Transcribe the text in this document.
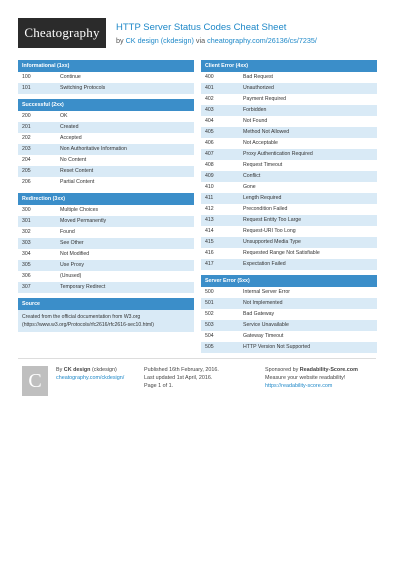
Cheatography	HTTP Server Status Codes Cheat Sheet
by CK design (ckdesign) via cheatography.com/26136/cs/7235/
Informational (1xx)
100	Continue
101	Switching Protocols
Successful (2xx)
200	OK
201	Created
202	Accepted
203	Non Authoritative Information
204	No Content
205	Reset Content
206	Partial Content
Redirection (3xx)
300	Multiple Choices
301	Moved Permanently
302	Found
303	See Other
304	Not Modified
305	Use Proxy
306	(Unused)
307	Temporary Redirect
Source
Created from the official documentation from W3.org
(https://www.w3.org/Protocols/rfc2616/rfc2616-sec10.html)
Client Error (4xx)
400	Bad Request
401	Unauthorized
402	Payment Required
403	Forbidden
404	Not Found
405	Method Not Allowed
406	Not Acceptable
407	Proxy Authentication Required
408	Request Timeout
409	Conflict
410	Gone
411	Length Required
412	Precondition Failed
413	Request Entity Too Large
414	Request-URI Too Long
415	Unsupported Media Type
416	Requested Range Not Satisfiable
417	Expectation Failed
Server Error (5xx)
500	Internal Server Error
501	Not Implemented
502	Bad Gateway
503	Service Unavailable
504	Gateway Timeout
505	HTTP Version Not Supported
C	By CK design (ckdesign)
cheatography.com/ckdesign/
Published 16th February, 2016.
Last updated 1st April, 2016.
Page 1 of 1.
Sponsored by Readability-Score.com
Measure your website readability!
https://readability-score.com
